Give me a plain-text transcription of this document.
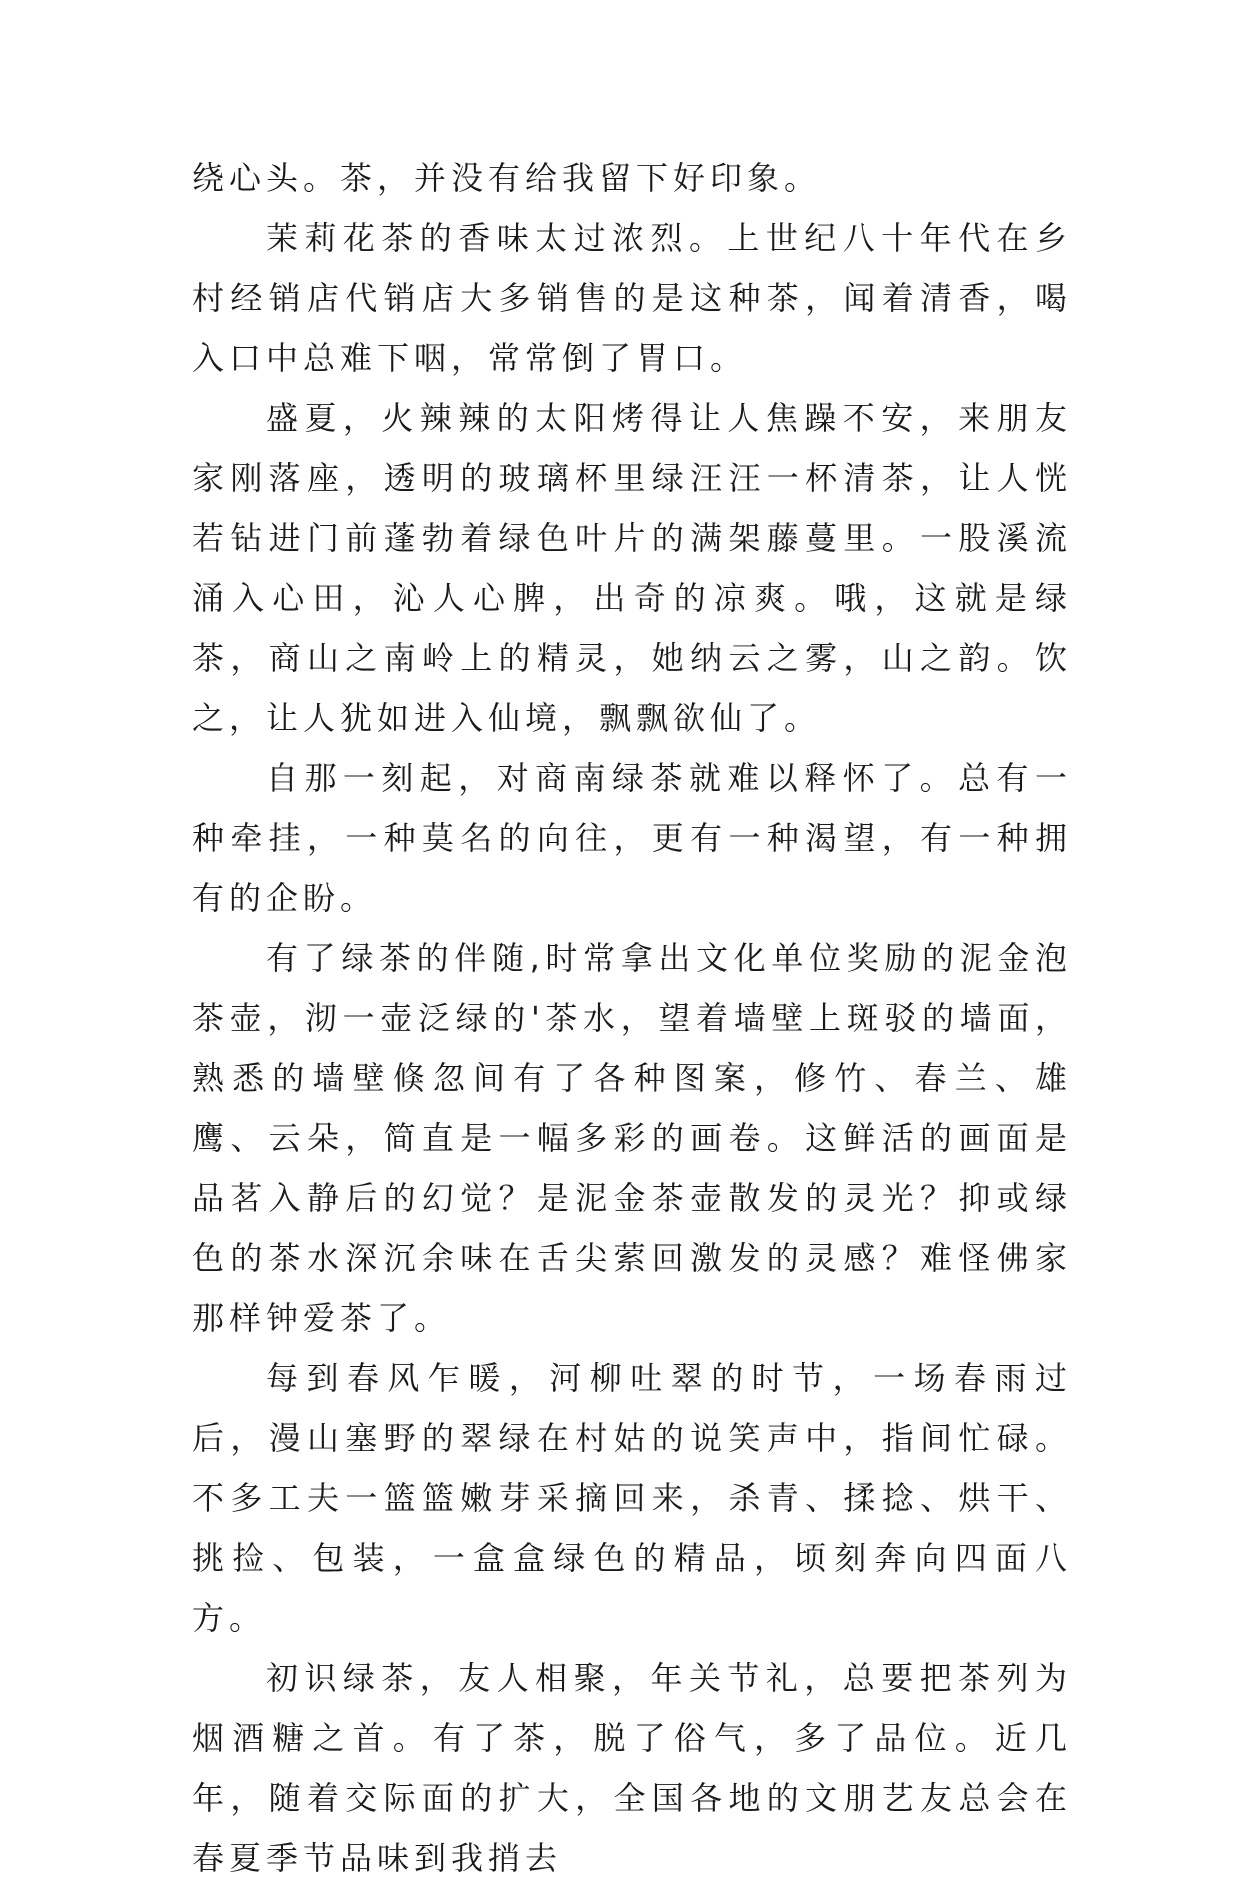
绕心头。茶，并没有给我留下好印象。

茉莉花茶的香味太过浓烈。上世纪八十年代在乡村经销店代销店大多销售的是这种茶，闻着清香，喝入口中总难下咽，常常倒了胃口。

盛夏，火辣辣的太阳烤得让人焦躁不安，来朋友家刚落座，透明的玻璃杯里绿汪汪一杯清茶，让人恍若钻进门前蓬勃着绿色叶片的满架藤蔓里。一股溪流涌入心田，沁人心脾，出奇的凉爽。哦，这就是绿茶，商山之南岭上的精灵，她纳云之雾，山之韵。饮之，让人犹如进入仙境，飘飘欲仙了。

自那一刻起，对商南绿茶就难以释怀了。总有一种牵挂，一种莫名的向往，更有一种渴望，有一种拥有的企盼。

有了绿茶的伴随,时常拿出文化单位奖励的泥金泡茶壶，沏一壶泛绿的'茶水，望着墙壁上斑驳的墙面，熟悉的墙壁倏忽间有了各种图案，修竹、春兰、雄鹰、云朵，简直是一幅多彩的画卷。这鲜活的画面是品茗入静后的幻觉？是泥金茶壶散发的灵光？抑或绿色的茶水深沉余味在舌尖萦回激发的灵感？难怪佛家那样钟爱茶了。

每到春风乍暖，河柳吐翠的时节，一场春雨过后，漫山塞野的翠绿在村姑的说笑声中，指间忙碌。不多工夫一篮篮嫩芽采摘回来，杀青、揉捻、烘干、挑捡、包装，一盒盒绿色的精品，顷刻奔向四面八方。

初识绿茶，友人相聚，年关节礼，总要把茶列为烟酒糖之首。有了茶，脱了俗气，多了品位。近几年，随着交际面的扩大，全国各地的文朋艺友总会在春夏季节品味到我捎去
